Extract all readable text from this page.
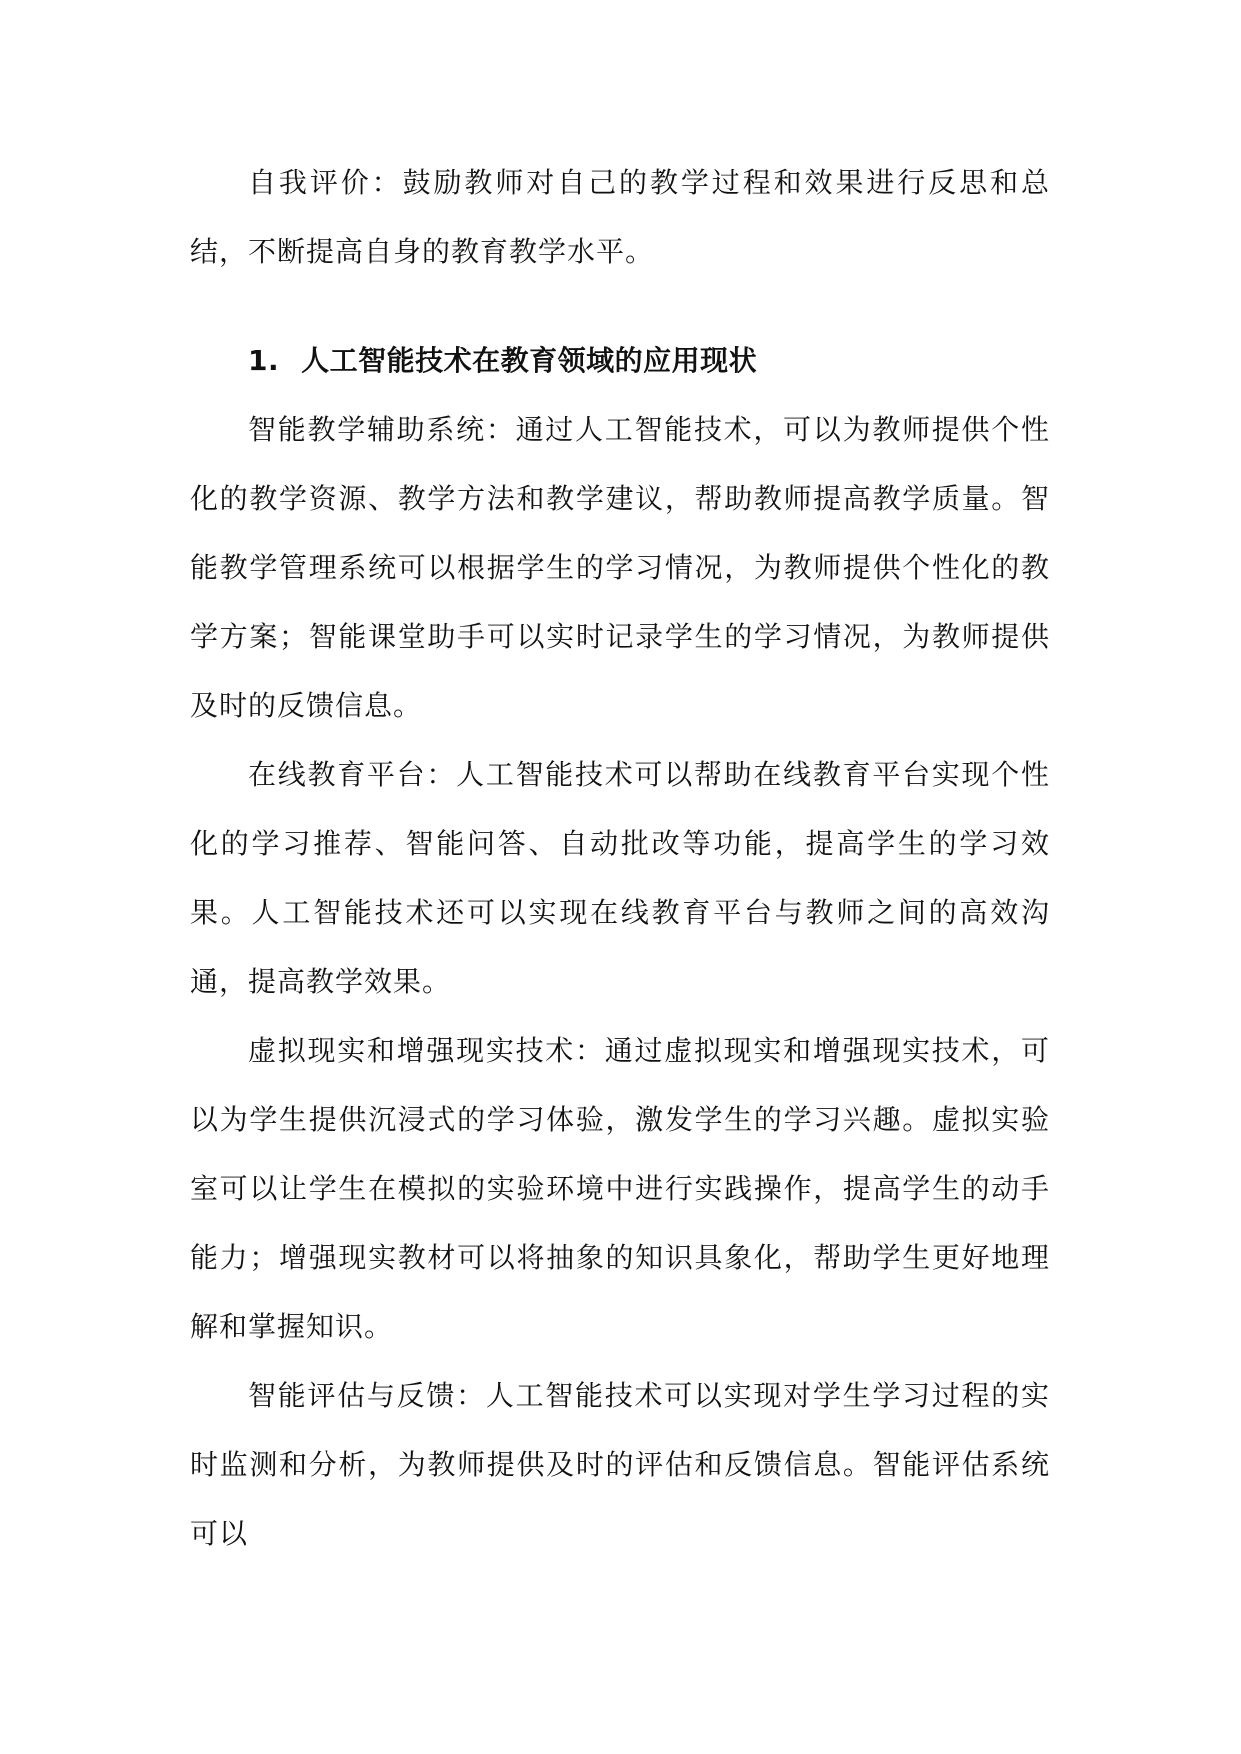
自我评价：鼓励教师对自己的教学过程和效果进行反思和总结，不断提高自身的教育教学水平。

1. 人工智能技术在教育领域的应用现状

智能教学辅助系统：通过人工智能技术，可以为教师提供个性化的教学资源、教学方法和教学建议，帮助教师提高教学质量。智能教学管理系统可以根据学生的学习情况，为教师提供个性化的教学方案；智能课堂助手可以实时记录学生的学习情况，为教师提供及时的反馈信息。

在线教育平台：人工智能技术可以帮助在线教育平台实现个性化的学习推荐、智能问答、自动批改等功能，提高学生的学习效果。人工智能技术还可以实现在线教育平台与教师之间的高效沟通，提高教学效果。

虚拟现实和增强现实技术：通过虚拟现实和增强现实技术，可以为学生提供沉浸式的学习体验，激发学生的学习兴趣。虚拟实验室可以让学生在模拟的实验环境中进行实践操作，提高学生的动手能力；增强现实教材可以将抽象的知识具象化，帮助学生更好地理解和掌握知识。

智能评估与反馈：人工智能技术可以实现对学生学习过程的实时监测和分析，为教师提供及时的评估和反馈信息。智能评估系统可以
